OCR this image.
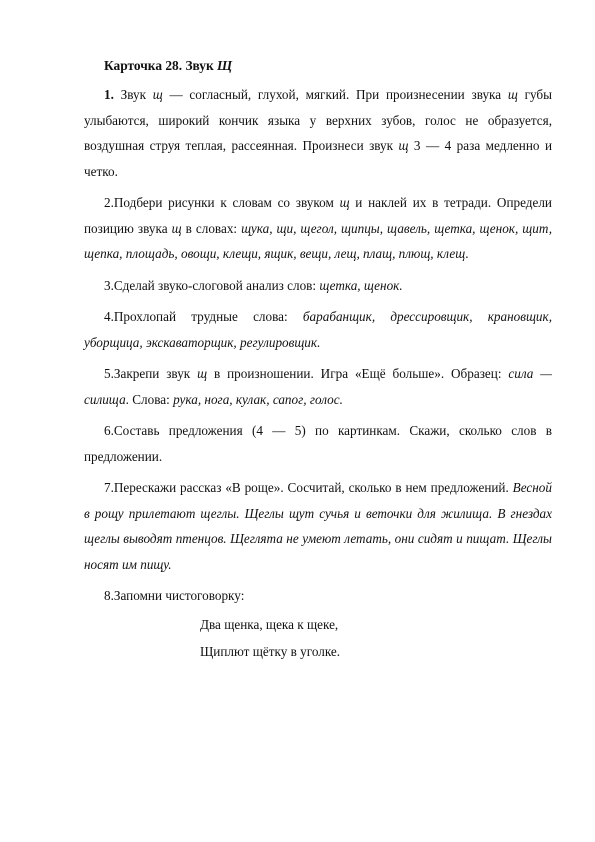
Карточка 28. Звук Щ

1. Звук щ — согласный, глухой, мягкий. При произнесении звука щ губы улыбаются, широкий кончик языка у верхних зубов, голос не образуется, воздушная струя теплая, рассеянная. Произнеси звук щ 3 — 4 раза медленно и четко.

2.Подбери рисунки к словам со звуком щ и наклей их в тетради. Определи позицию звука щ в словах: щука, щи, щегол, щипцы, щавель, щетка, щенок, щит, щепка, площадь, овощи, клещи, ящик, вещи, лещ, плащ, плющ, клещ.

3.Сделай звуко-слоговой анализ слов: щетка, щенок.

4.Прохлопай трудные слова: барабанщик, дрессировщик, крановщик, уборщица, экскаваторщик, регулировщик.

5.Закрепи звук щ в произношении. Игра «Ещё больше». Образец: сила — силища. Слова: рука, нога, кулак, сапог, голос.

6.Составь предложения (4 — 5) по картинкам. Скажи, сколько слов в предложении.

7.Перескажи рассказ «В роще». Сосчитай, сколько в нем предложений. Весной в рощу прилетают щеглы. Щеглы щут сучья и веточки для жилища. В гнездах щеглы выводят птенцов. Щеглята не умеют летать, они сидят и пищат. Щеглы носят им пищу.

8.Запомни чистоговорку:

Два щенка, щека к щеке,
Щиплют щётку в уголке.
